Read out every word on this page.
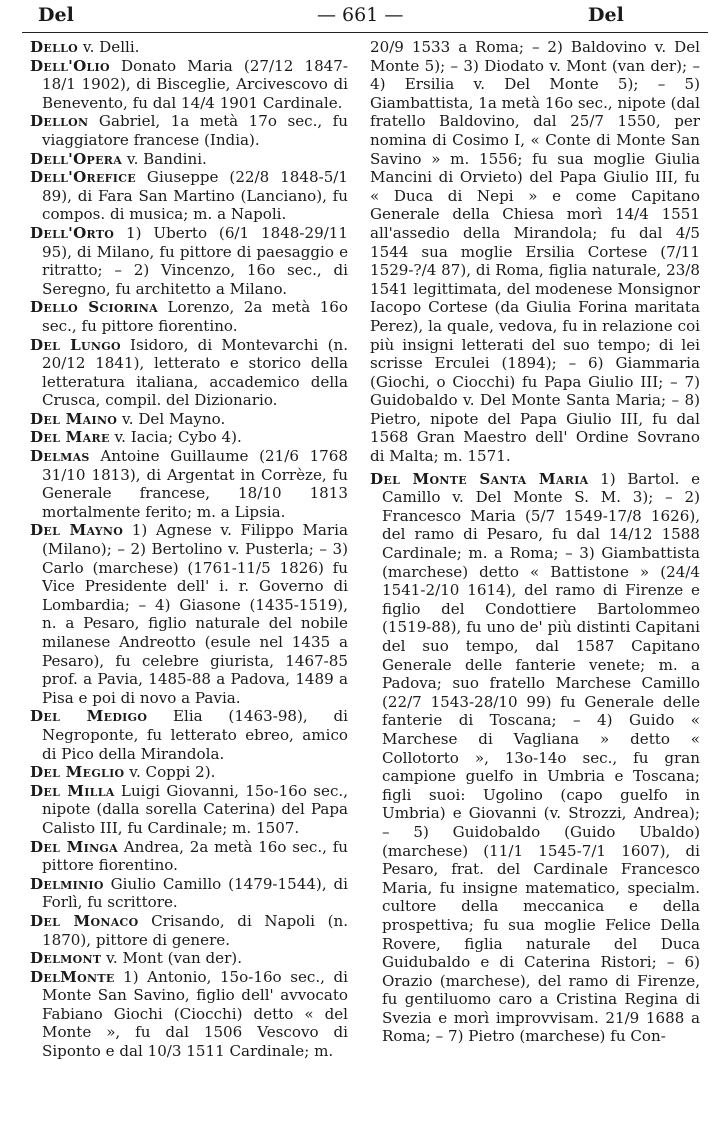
Del	— 661 —	Del

Dello v. Delli.

Dell'Olio Donato Maria (27/12 1847-18/1 1902), di Bisceglie, Arcivescovo di Benevento, fu dal 14/4 1901 Cardinale.

Dellon Gabriel, 1a metà 17o sec., fu viaggiatore francese (India).

Dell'Opera v. Bandini.

Dell'Orefice Giuseppe (22/8 1848-5/1 89), di Fara San Martino (Lanciano), fu compos. di musica; m. a Napoli.

Dell'Orto 1) Uberto (6/1 1848-29/11 95), di Milano, fu pittore di paesaggio e ritratto; – 2) Vincenzo, 16o sec., di Seregno, fu architetto a Milano.

Dello Sciorina Lorenzo, 2a metà 16o sec., fu pittore fiorentino.

Del Lungo Isidoro, di Montevarchi (n. 20/12 1841), letterato e storico della letteratura italiana, accademico della Crusca, compil. del Dizionario.

Del Maino v. Del Mayno.

Del Mare v. Iacia; Cybo 4).

Delmas Antoine Guillaume (21/6 1768 31/10 1813), di Argentat in Corrèze, fu Generale francese, 18/10 1813 mortalmente ferito; m. a Lipsia.

Del Mayno 1) Agnese v. Filippo Maria (Milano); – 2) Bertolino v. Pusterla; – 3) Carlo (marchese) (1761-11/5 1826) fu Vice Presidente dell' i. r. Governo di Lombardia; – 4) Giasone (1435-1519), n. a Pesaro, figlio naturale del nobile milanese Andreotto (esule nel 1435 a Pesaro), fu celebre giurista, 1467-85 prof. a Pavia, 1485-88 a Padova, 1489 a Pisa e poi di novo a Pavia.

Del Medigo Elia (1463-98), di Negroponte, fu letterato ebreo, amico di Pico della Mirandola.

Del Meglio v. Coppi 2).

Del Milla Luigi Giovanni, 15o-16o sec., nipote (dalla sorella Caterina) del Papa Calisto III, fu Cardinale; m. 1507.

Del Minga Andrea, 2a metà 16o sec., fu pittore fiorentino.

Delminio Giulio Camillo (1479-1544), di Forlì, fu scrittore.

Del Monaco Crisando, di Napoli (n. 1870), pittore di genere.

Delmont v. Mont (van der).

DelMonte 1) Antonio, 15o-16o sec., di Monte San Savino, figlio dell' avvocato Fabiano Giochi (Ciocchi) detto « del Monte », fu dal 1506 Vescovo di Siponto e dal 10/3 1511 Cardinale; m.

20/9 1533 a Roma; – 2) Baldovino v. Del Monte 5); – 3) Diodato v. Mont (van der); – 4) Ersilia v. Del Monte 5); – 5) Giambattista, 1a metà 16o sec., nipote (dal fratello Baldovino, dal 25/7 1550, per nomina di Cosimo I, « Conte di Monte San Savino » m. 1556; fu sua moglie Giulia Mancini di Orvieto) del Papa Giulio III, fu « Duca di Nepi » e come Capitano Generale della Chiesa morì 14/4 1551 all'assedio della Mirandola; fu dal 4/5 1544 sua moglie Ersilia Cortese (7/11 1529-?/4 87), di Roma, figlia naturale, 23/8 1541 legittimata, del modenese Monsignor Iacopo Cortese (da Giulia Forina maritata Perez), la quale, vedova, fu in relazione coi più insigni letterati del suo tempo; di lei scrisse Erculei (1894); – 6) Giammaria (Giochi, o Ciocchi) fu Papa Giulio III; – 7) Guidobaldo v. Del Monte Santa Maria; – 8) Pietro, nipote del Papa Giulio III, fu dal 1568 Gran Maestro dell' Ordine Sovrano di Malta; m. 1571.

Del Monte Santa Maria 1) Bartol. e Camillo v. Del Monte S. M. 3); – 2) Francesco Maria (5/7 1549-17/8 1626), del ramo di Pesaro, fu dal 14/12 1588 Cardinale; m. a Roma; – 3) Giambattista (marchese) detto « Battistone » (24/4 1541-2/10 1614), del ramo di Firenze e figlio del Condottiere Bartolommeo (1519-88), fu uno de' più distinti Capitani del suo tempo, dal 1587 Capitano Generale delle fanterie venete; m. a Padova; suo fratello Marchese Camillo (22/7 1543-28/10 99) fu Generale delle fanterie di Toscana; – 4) Guido « Marchese di Vagliana » detto « Collotorto », 13o-14o sec., fu gran campione guelfo in Umbria e Toscana; figli suoi: Ugolino (capo guelfo in Umbria) e Giovanni (v. Strozzi, Andrea); – 5) Guidobaldo (Guido Ubaldo) (marchese) (11/1 1545-7/1 1607), di Pesaro, frat. del Cardinale Francesco Maria, fu insigne matematico, specialm. cultore della meccanica e della prospettiva; fu sua moglie Felice Della Rovere, figlia naturale del Duca Guidubaldo e di Caterina Ristori; – 6) Orazio (marchese), del ramo di Firenze, fu gentiluomo caro a Cristina Regina di Svezia e morì improvvisam. 21/9 1688 a Roma; – 7) Pietro (marchese) fu Con-
